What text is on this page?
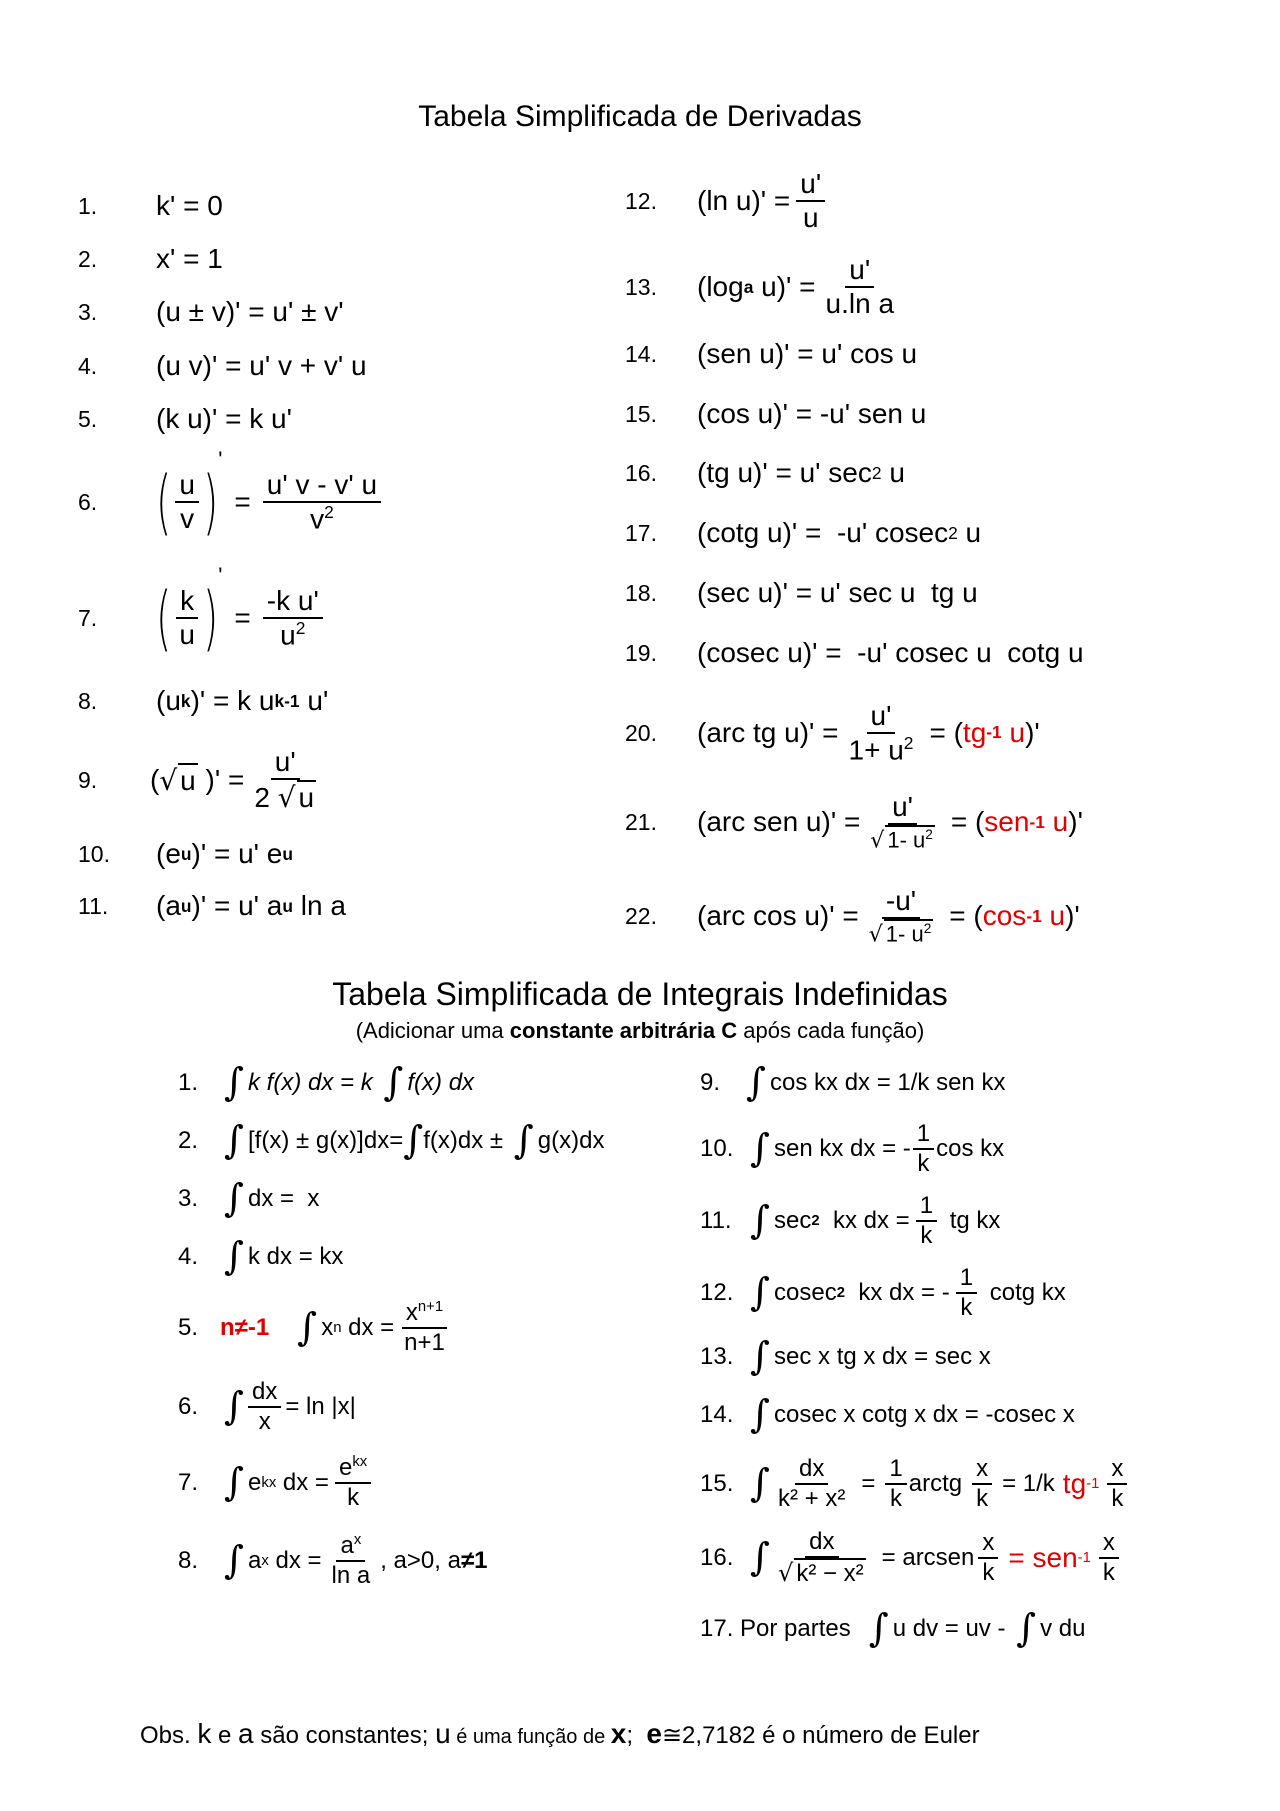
Tabela Simplificada de Derivadas
1.	k' = 0
2.	x' = 1
3.	(u ± v)' = u' ± v'
4.	(u v)' = u' v + v' u
5.	(k u)' = k u'
6. ( $\frac{u}{v}$ )
'
= $\frac{u' v - v' u}{v^2}$
7. ( $\frac{k}{u}$ )
'
= $\frac{\text{-k u'}}{u^2}$
8.	(u k )' = k u k-1 u'
9.	( √ u )' = $\frac{u'}{2 √ u}$
10.	(e u )' = u' e u
11.	(a u )' = u' a u ln a
12.	(ln $u)' = \frac{u'}{u}$
13.	(log a $u)' = \frac{u'}{\text{u.ln a}}$
14.	(sen u)' = u' cos u
15.	(cos u)' = -u' sen u
16.	(tg u)' = u' sec 2 u
17.	(cotg u)' =  -u' cosec 2 u
18.	(sec u)' = u' sec u  tg u
19.	(cosec u)' =  -u' cosec u  cotg u
20.	(arc tg $u)' = \frac{u'}{1+ u^2}$ = ( tg -1 u )'
21.	(arc sen u)' = u'
√ 1- $u^2$ = ( sen -1 u )'
22.	(arc cos u)' = -u'
√ 1- $u^2$ = ( cos -1 u )'
Tabela Simplificada de Integrais Indefinidas
(Adicionar uma constante arbitrária C após cada função)
1. ∫ k f(x) dx = k ∫ f(x) dx
2. ∫ [f(x) ± g(x)]dx= ∫ f(x)dx ± ∫ g(x)dx
3. ∫ dx =  x
4. ∫ k dx = kx
5. n≠-1 ∫ x n dx = $\frac{x^{n+1}}{n+1}$
6. ∫ $\frac{dx}{x} = \ln |x|$
7. ∫ e kx dx =
$e^{kx}$
k
8. ∫ a x dx = $\frac{a^x}{\text{ln a}}$ , a>0, a ≠1
9. ∫ cos kx dx = 1/k sen kx
10. ∫ sen kx dx = - $\frac{1}{k}$ cos kx
11. ∫ sec 2 kx dx = $\frac{1}{k}$ tg kx
12. ∫ cosec 2 kx dx = - $\frac{1}{k}$ cotg kx
13. ∫ sec x tg x dx = sec x
14. ∫ cosec x cotg x dx = -cosec x
15. ∫ $\frac{dx}{\text{k² + x²}} = \frac{1}{k}$ arctg $\frac{x}{k} = 1/k$ tg $-1 \frac{x}{k}$
16. ∫ $\frac{dx}{\text{√ k² − x²}}$ = arcsen $\frac{x}{k}$ = sen $-1 \frac{x}{k}$
17. Por partes ∫ u dv = uv - ∫ v du
Obs. k e a são constantes; u é uma função de x;  e≅2,7182 é o número de Euler
